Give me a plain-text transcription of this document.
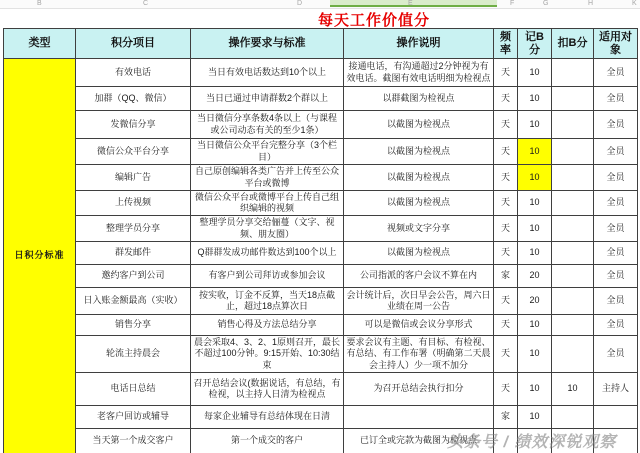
B	C	D	E	F	G	H	K
每天工作价值分
类型	积分项目	操作要求与标准	操作说明	频率	记B分	扣B分	适用对象
日积分标准	有效电话	当日有效电话数达到10个以上	接通电话，有沟通超过2分钟视为有效电话。截图有效电话明细为检视点	天	10		全员
	加群（QQ、微信）	当日已通过申请群数2个群以上	以群截图为检视点	天	10		全员
	发微信分享	当日微信分享条数4条以上（与课程或公司动态有关的至少1条）	以截图为检视点	天	10		全员
	微信公众平台分享	当日微信公众平台完整分享（3个栏目）	以截图为检视点	天	10		全员
	编辑广告	自己原创编辑各类广告并上传至公众平台或微博	以截图为检视点	天	10		全员
	上传视频	微信公众平台或微博平台上传自己组织编辑的视频	以截图为检视点	天	10		全员
	整理学员分享	整理学员分享交给俪蔓（文字、视频、朋友圈）	视频或文字分享	天	10		全员
	群发邮件	Q群群发成功邮件数达到100个以上	以截图为检视点	天	10		全员
	邀约客户到公司	有客户到公司拜访或参加会议	公司指派的客户会议不算在内	家	20		全员
	日入账金额最高（实收）	按实收，订金不反算，当天18点截止，超过18点算次日	会计统计后，次日早会公告，周六日业绩在周一公告	天	20		全员
	销售分享	销售心得及方法总结分享	可以是微信或会议分享形式	天	10		全员
	轮流主持晨会	晨会采取4、3、2、1原则召开，最长不超过100分钟。9:15开始、10:30结束	要求会议有主题、有目标、有检视、有总结、有工作布署（明确第二天晨会主持人）少一项不加分	天	10		全员
	电话日总结	召开总结会议(数据说话，有总结，有检视，以主持人日清为检视点	为召开总结会执行扣分	天	10	10	主持人
	老客户回访或辅导	每家企业辅导有总结体现在日清		家	10		
	当天第一个成交客户	第一个成交的客户	已订全或完款为截图为检视点				
头条号 / 绩效深锐观察
